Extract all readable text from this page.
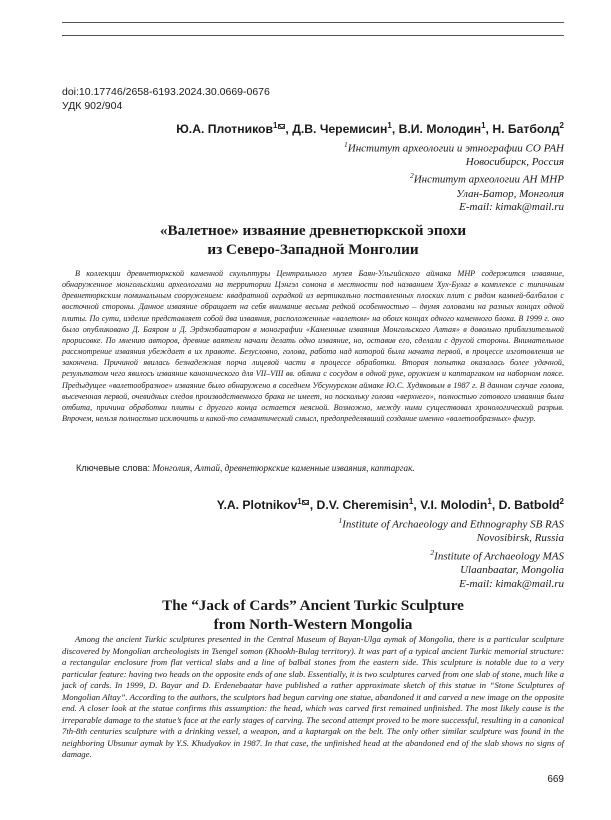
doi:10.17746/2658-6193.2024.30.0669-0676
УДК 902/904
Ю.А. Плотников$^1$ , Д.В. Черемисин$^1$, В.И. Молодин$^1$, Н. Батболд$^2$
$^1$Институт археологии и этнографии СО РАН
Новосибирск, Россия
$^2$Институт археологии АН МНР
Улан-Батор, Монголия
E-mail: kimak@mail.ru
«Валетное» изваяние древнетюркской эпохи
из Северо-Западной Монголии

В коллекции древнетюркской каменной скульптуры Центрального музея Баян-Ульгийского аймака МНР содержится изваяние, обнаруженное монгольскими археологами на территории Цэнгэл сомона в местности под названием Хух-Булаг в комплексе с типичным древнетюркским поминальным сооружением: квадратной оградкой из вертикально поставленных плоских плит с рядом камней-балбалов с восточной стороны. Данное изваяние обращает на себя внимание весьма редкой особенностью – двумя головами на разных концах одной плиты. По сути, изделие представляет собой два изваяния, расположенные «валетом» на обоих концах одного каменного блока. В 1999 г. оно было опубликовано Д. Баяром и Д. Эрдэнэбаатаром в монографии «Каменные изваяния Монгольского Алтая» в довольно приблизительной прорисовке. По мнению авторов, древние ваятели начали делать одно изваяние, но, оставив его, сделали с другой стороны. Внимательное рассмотрение изваяния убеждает в их правоте. Безусловно, голова, работа над которой была начата первой, в процессе изготовления не закончена. Причиной явилась безнадежная порча лицевой части в процессе обработки. Вторая попытка оказалась более удачной, результатом чего явилось изваяние канонического для VII–VIII вв. облика с сосудом в одной руке, оружием и каптаргаком на наборном поясе. Предыдущее «валетообразное» изваяние было обнаружено в соседнем Убсунурском аймаке Ю.С. Худяковым в 1987 г. В данном случае голова, высеченная первой, очевидных следов производственного брака не имеет, но поскольку голова «верхнего», полностью готового изваяния была отбита, причина обработки плиты с другого конца остается неясной. Возможно, между ними существовал хронологический разрыв. Впрочем, нельзя полностью исключить и какой-то семантический смысл, предопределявший создание именно «валетообразных» фигур.

Ключевые слова: Монголия, Алтай, древнетюркские каменные изваяния, каптаргак.
Y.A. Plotnikov$^1$ , D.V. Cheremisin$^1$, V.I. Molodin$^1$, D. Batbold$^2$
$^1$Institute of Archaeology and Ethnography SB RAS
Novosibirsk, Russia
$^2$Institute of Archaeology MAS
Ulaanbaatar, Mongolia
E-mail: kimak@mail.ru
The “Jack of Cards” Ancient Turkic Sculpture
from North-Western Mongolia

Among the ancient Turkic sculptures presented in the Central Museum of Bayan-Ulga aymak of Mongolia, there is a particular sculpture discovered by Mongolian archeologists in Tsengel somon (Khookh-Bulag territory). It was part of a typical ancient Turkic memorial structure: a rectangular enclosure from flat vertical slabs and a line of balbal stones from the eastern side. This sculpture is notable due to a very particular feature: having two heads on the opposite ends of one slab. Essentially, it is two sculptures carved from one slab of stone, much like a jack of cards. In 1999, D. Bayar and D. Erdenebaatar have published a rather approximate sketch of this statue in “Stone Sculptures of Mongolian Altay”. According to the authors, the sculptors had begun carving one statue, abandoned it and carved a new image on the opposite end. A closer look at the statue confirms this assumption: the head, which was carved first remained unfinished. The most likely cause is the irreparable damage to the statue’s face at the early stages of carving. The second attempt proved to be more successful, resulting in a canonical 7th-8th centuries sculpture with a drinking vessel, a weapon, and a kaptargak on the belt. The only other similar sculpture was found in the neighboring Ubsunur aymak by Y.S. Khudyakov in 1987. In that case, the unfinished head at the abandoned end of the slab shows no signs of damage.

669
